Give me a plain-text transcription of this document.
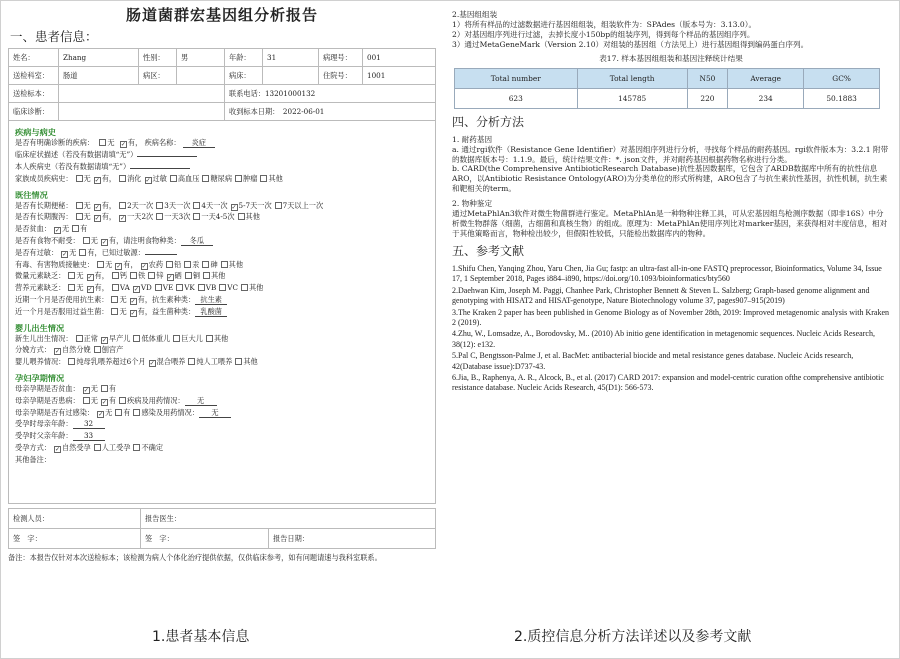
肠道菌群宏基因组分析报告
一、患者信息：
姓名：	Zhang	性别：	男	年龄：	31	病理号：	001
送检科室：	肠道	病区：		病床：		住院号：	1001
送检标本：				联系电话：13201000132			
临床诊断：				收到标本日期：　 2022-06-01			
疾病与病史
是否有明确诊断的疾病： 无 ✓ 有， 疾病名称： 炎症
临床症状描述（若没有数据请填“无”）
本人疾病史（若没有数据请填“无”）
家族成员疾病史： 无 ✓ 有， 消化 ✓ 过敏 高血压 糖尿病 肿瘤 其他
既往情况
是否有长期便秘： 无 ✓ 有， 2天一次 3天一次 4天一次 ✓ 5-7天一次 7天以上一次
是否有长期腹泻： 无 ✓ 有， ✓ 一天2次 一天3次 一天4-5次 其他
是否贫血： ✓ 无 有
是否有食物不耐受： 无 ✓ 有，请注明食物种类： 冬瓜
是否有过敏： ✓ 无 有，已知过敏源：
有毒、有害物质接触史： 无 ✓ 有， ✓ 农药 铅 汞 砷 其他
微量元素缺乏： 无 ✓ 有， 钙 铁 锌 ✓ 硒 铜 其他
营养元素缺乏： 无 ✓ 有， VA ✓ VD VE VK VB VC 其他
近期一个月是否使用抗生素： 无 ✓ 有，抗生素种类： 抗生素
近一个月是否服用过益生菌： 无 ✓ 有，益生菌种类： 乳酸菌
婴儿出生情况
新生儿出生情况： 正常 ✓ 早产儿 低体重儿 巨大儿 其他
分娩方式： ✓ 自然分娩 刨宫产
婴儿喂养情况： 纯母乳喂养超过6个月 ✓ 混合喂养 纯人工喂养 其他
孕妇孕期情况
母亲孕期是否贫血： ✓ 无 有
母亲孕期是否患病： 无 ✓ 有 疾病及用药情况： 无
母亲孕期是否有过感染： ✓ 无 有 感染及用药情况： 无
受孕时母亲年龄： 32
受孕时父亲年龄： 33
受孕方式： ✓ 自然受孕 人工受孕 不确定
其他备注：
检测人员：	报告医生：	
签　字：	签　字：	报告日期：
备注：本报告仅针对本次送检标本；该检测为病人个体化治疗提供依据，仅供临床参考，如有问题请速与我科室联系。

2.基因组组装

1）将所有样品的过滤数据进行基因组组装，组装软件为：SPAdes（版本号为：3.13.0）。

2）对基因组序列进行过滤，去掉长度小150bp的组装序列，得到每个样品的基因组序列。

3）通过MetaGeneMark（Version 2.10）对组装的基因组（方法见上）进行基因组得到编码蛋白序列。

表17. 样本基因组组装和基因注释统计结果
Total number	Total length	N50	Average	GC%
623	145785	220	234	50.1883
四、分析方法

1. 耐药基因

a. 通过rgi软件（Resistance Gene Identifier）对基因组序列进行分析，寻找每个样品的耐药基因。rgi软件版本为：3.2.1 附带的数据库版本号：1.1.9。最后，统计结果文件：*. json文件，并对耐药基因根据药物名称进行分类。

b. CARD(the Comprehensive AntibioticResearch Database)抗性基因数据库，它包含了ARDB数据库中所有的抗性信息ARO，以Antibiotic Resistance Ontology(ARO)为分类单位的形式所构建，ARO包含了与抗生素抗性基因，抗性机制，抗生素和靶相关的term。

2. 物种鉴定

通过MetaPhlAn3软件对微生物菌群进行鉴定。MetaPhlAn是一种物种注释工具，可从宏基因组鸟枪测序数据（即非16S）中分析微生物群落（细菌，古细菌和真核生物）的组成。原理为：MetaPhlAn使用序列比对marker基因，来获得相对丰度信息，相对于其他策略而言，物种检出较少，但假阳性较低，只能检出数据库内的物种。

五、参考文献

1.Shifu Chen, Yanqing Zhou, Yaru Chen, Jia Gu; fastp: an ultra-fast all-in-one FASTQ preprocessor, Bioinformatics, Volume 34, Issue 17, 1 September 2018, Pages i884–i890, https://doi.org/10.1093/bioinformatics/bty560

2.Daehwan Kim, Joseph M. Paggi, Chanhee Park, Christopher Bennett & Steven L. Salzberg; Graph-based genome alignment and genotyping with HISAT2 and HISAT-genotype, Nature Biotechnology volume 37, pages907–915(2019)

3.The Kraken 2 paper has been published in Genome Biology as of November 28th, 2019: Improved metagenomic analysis with Kraken 2 (2019).

4.Zhu, W., Lomsadze, A., Borodovsky, M.. (2010) Ab initio gene identification in metagenomic sequences. Nucleic Acids Research, 38(12): e132.

5.Pal C, Bengtsson-Palme J, et al. BacMet: antibacterial biocide and metal resistance genes database. Nucleic Acids research, 42(Database issue):D737-43.

6.Jia, B., Raphenya, A. R., Alcock, B., et al. (2017) CARD 2017: expansion and model-centric curation ofthe comprehensive antibiotic resistance database. Nucleic Acids Research, 45(D1): 566-573.

1.患者基本信息	2.质控信息分析方法详述以及参考文献
